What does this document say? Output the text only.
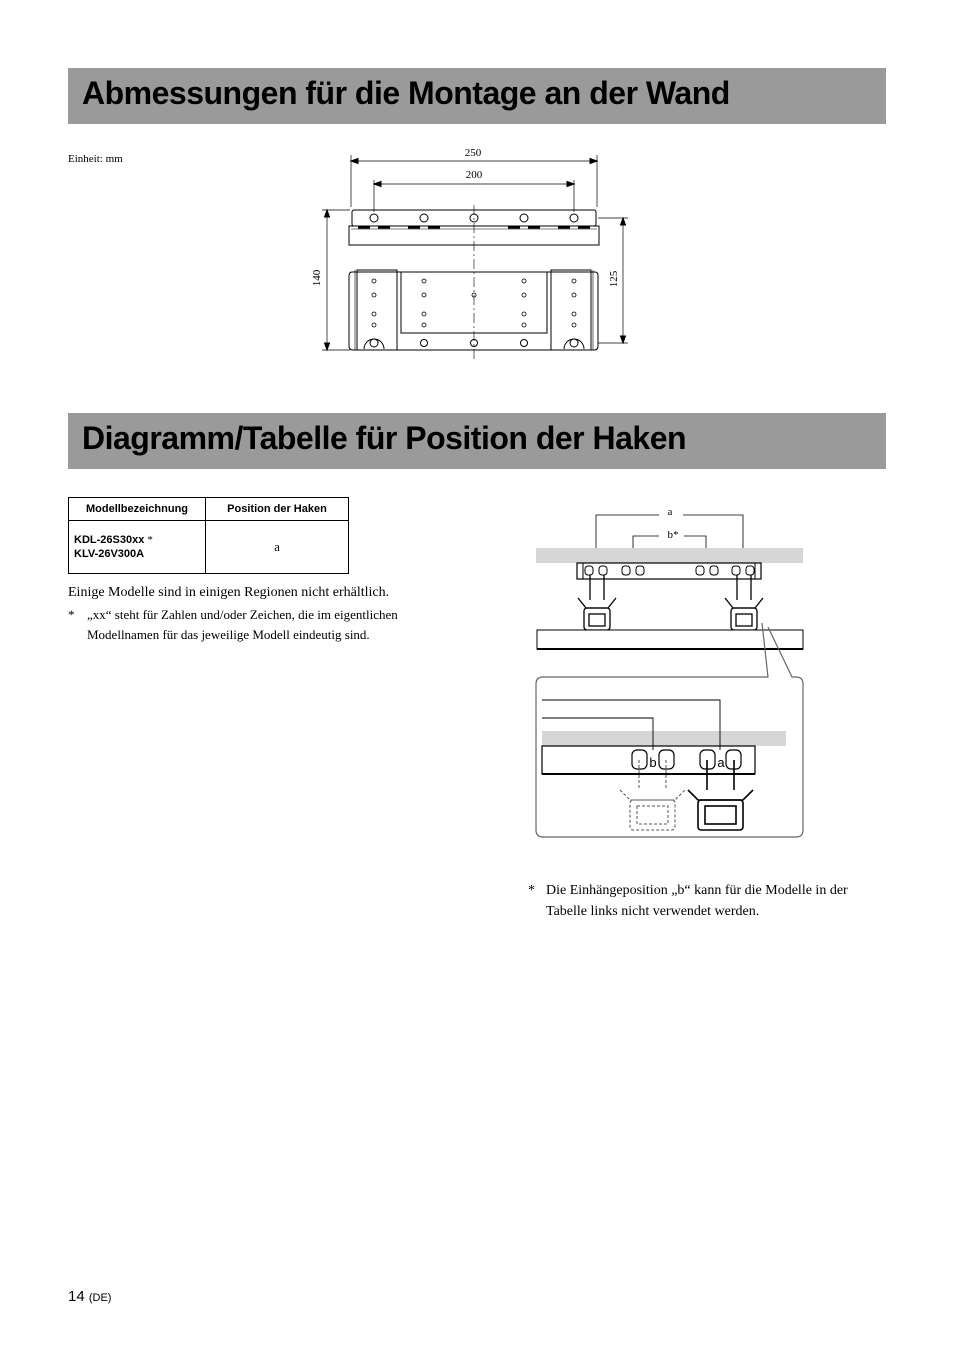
Abmessungen für die Montage an der Wand
Einheit: mm	250
200
140	125
Diagramm/Tabelle für Position der Haken
Modellbezeichnung	Position der Haken
KDL-26S30xx *
KLV-26V300A	a
Einige Modelle sind in einigen Regionen nicht erhältlich.
* „xx“ steht für Zahlen und/oder Zeichen, die im eigentlichen Modellnamen für das jeweilige Modell eindeutig sind.
a
b*
b	a
* Die Einhängeposition „b“ kann für die Modelle in der Tabelle links nicht verwendet werden.
14 (DE)
